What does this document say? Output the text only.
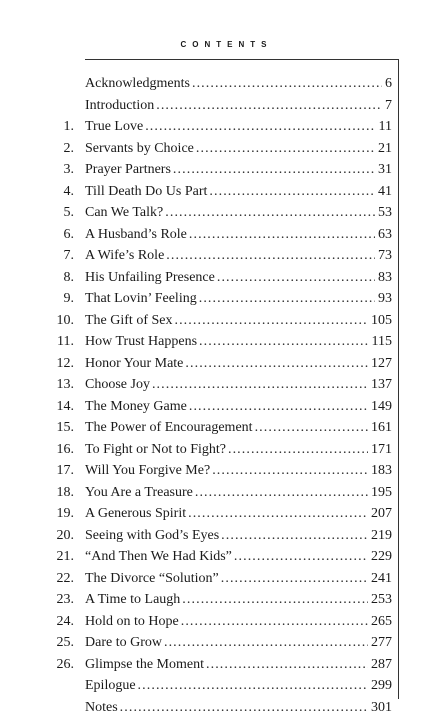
CONTENTS
Acknowledgments . . .	6
Introduction . . .	7
1. True Love . . .	11
2. Servants by Choice . . .	21
3. Prayer Partners . . .	31
4. Till Death Do Us Part . . .	41
5. Can We Talk? . . .	53
6. A Husband’s Role . . .	63
7. A Wife’s Role . . .	73
8. His Unfailing Presence . . .	83
9. That Lovin’ Feeling . . .	93
10. The Gift of Sex . . .	105
11. How Trust Happens . . .	115
12. Honor Your Mate . . .	127
13. Choose Joy . . .	137
14. The Money Game . . .	149
15. The Power of Encouragement . . .	161
16. To Fight or Not to Fight? . . .	171
17. Will You Forgive Me? . . .	183
18. You Are a Treasure . . .	195
19. A Generous Spirit . . .	207
20. Seeing with God’s Eyes . . .	219
21. “And Then We Had Kids” . . .	229
22. The Divorce “Solution” . . .	241
23. A Time to Laugh . . .	253
24. Hold on to Hope . . .	265
25. Dare to Grow . . .	277
26. Glimpse the Moment . . .	287
Epilogue . . .	299
Notes . . .	301
